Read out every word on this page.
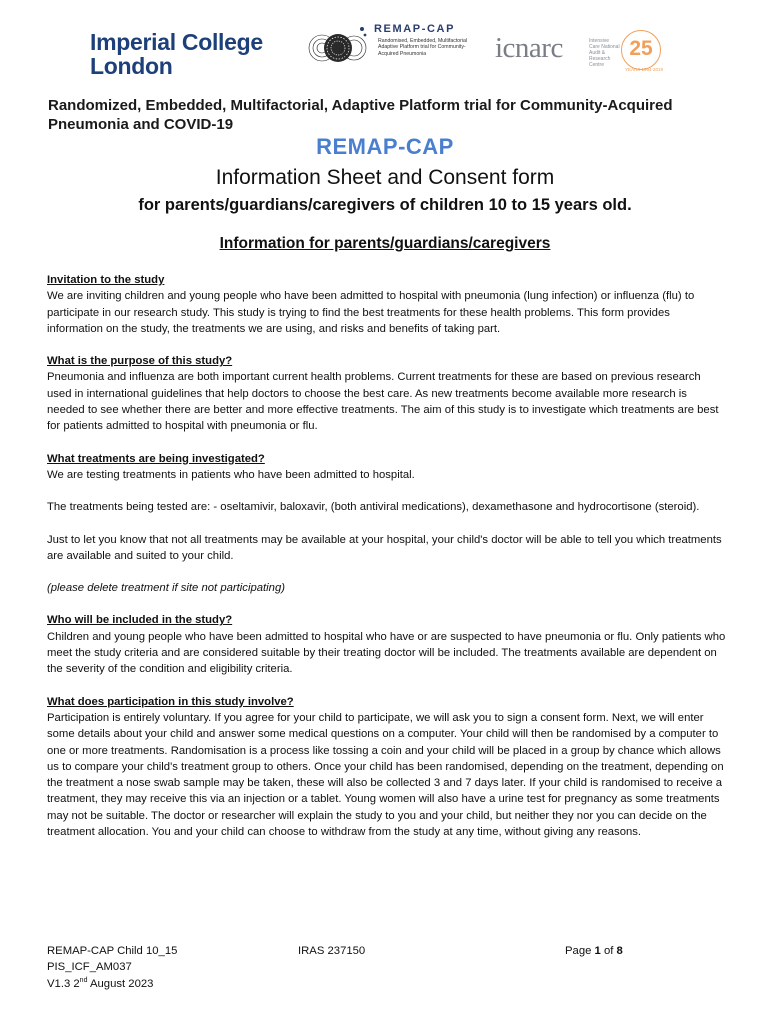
Imperial College
London
REMAP-CAP
Randomised, Embedded, Multifactorial Adaptive Platform trial for Community-Acquired Pneumonia	icnarc	Intensive Care National Audit & Research Centre
25
YEARS 1994-2019
Randomized, Embedded, Multifactorial, Adaptive Platform trial for Community-Acquired Pneumonia and COVID-19
REMAP-CAP
Information Sheet and Consent form
for parents/guardians/caregivers of children 10 to 15 years old.
Information for parents/guardians/caregivers
Invitation to the study
We are inviting children and young people who have been admitted to hospital with pneumonia (lung infection) or influenza (flu) to participate in our research study. This study is trying to find the best treatments for these health problems. This form provides information on the study, the treatments we are using, and risks and benefits of taking part.
What is the purpose of this study?
Pneumonia and influenza are both important current health problems. Current treatments for these are based on previous research used in international guidelines that help doctors to choose the best care. As new treatments become available more research is needed to see whether there are better and more effective treatments. The aim of this study is to investigate which treatments are best for patients admitted to hospital with pneumonia or flu.
What treatments are being investigated?
We are testing treatments in patients who have been admitted to hospital.
The treatments being tested are: - oseltamivir, baloxavir, (both antiviral medications), dexamethasone and hydrocortisone (steroid).
Just to let you know that not all treatments may be available at your hospital, your child's doctor will be able to tell you which treatments are available and suited to your child.
(please delete treatment if site not participating)
Who will be included in the study?
Children and young people who have been admitted to hospital who have or are suspected to have pneumonia or flu. Only patients who meet the study criteria and are considered suitable by their treating doctor will be included. The treatments available are dependent on the severity of the condition and eligibility criteria.
What does participation in this study involve?
Participation is entirely voluntary. If you agree for your child to participate, we will ask you to sign a consent form. Next, we will enter some details about your child and answer some medical questions on a computer. Your child will then be randomised by a computer to one or more treatments. Randomisation is a process like tossing a coin and your child will be placed in a group by chance which allows us to compare your child's treatment group to others. Once your child has been randomised, depending on the treatment, depending on the treatment a nose swab sample may be taken, these will also be collected 3 and 7 days later. If your child is randomised to receive a treatment, they may receive this via an injection or a tablet. Young women will also have a urine test for pregnancy as some treatments may not be suitable. The doctor or researcher will explain the study to you and your child, but neither they nor you can decide on the treatment allocation. You and your child can choose to withdraw from the study at any time, without giving any reasons.
REMAP-CAP Child 10_15
PIS_ICF_AM037
V1.3 2nd August 2023
IRAS 237150	Page 1 of 8
